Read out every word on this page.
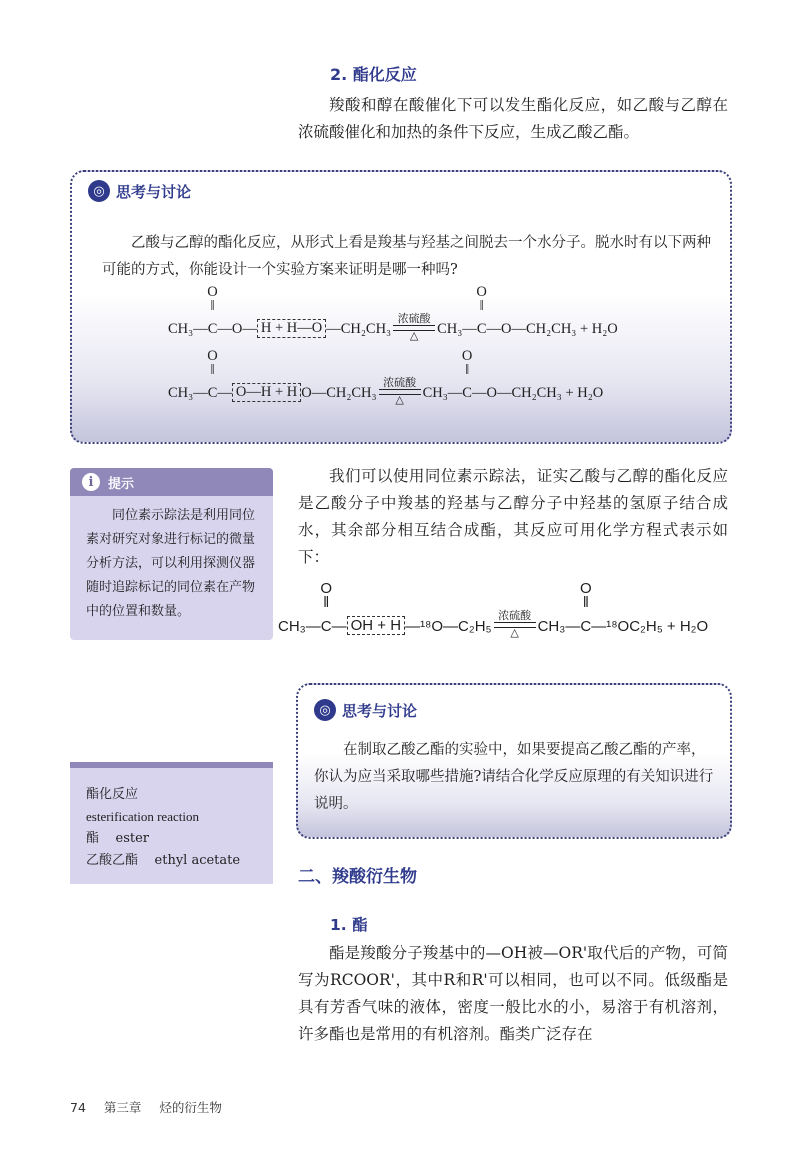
2. 酯化反应

羧酸和醇在酸催化下可以发生酯化反应，如乙酸与乙醇在浓硫酸催化和加热的条件下反应，生成乙酸乙酯。

◎ 思考与讨论

乙酸与乙醇的酯化反应，从形式上看是羧基与羟基之间脱去一个水分子。脱水时有以下两种可能的方式，你能设计一个实验方案来证明是哪一种吗?

CH₃—
O
‖
C —O— H + H—O —CH₂CH₃
浓硫酸
△ CH₃—
O
‖
C —O—CH₂CH₃ + H₂O
CH₃—
O
‖
C — O—H + H O—CH₂CH₃
浓硫酸
△ CH₃—
O
‖
C —O—CH₂CH₃ + H₂O
i	提示

同位素示踪法是利用同位素对研究对象进行标记的微量分析方法，可以利用探测仪器随时追踪标记的同位素在产物中的位置和数量。

我们可以使用同位素示踪法，证实乙酸与乙醇的酯化反应是乙酸分子中羧基的羟基与乙醇分子中羟基的氢原子结合成水，其余部分相互结合成酯，其反应可用化学方程式表示如下：

CH₃—
O
‖
C — OH + H — ¹⁸O—C₂H₅
浓硫酸
△ CH₃—
O
‖
C —¹⁸OC₂H₅ + H₂O
◎ 思考与讨论

在制取乙酸乙酯的实验中，如果要提高乙酸乙酯的产率，你认为应当采取哪些措施?请结合化学反应原理的有关知识进行说明。

酯化反应
esterification reaction
酯    ester
乙酸乙酯    ethyl acetate
二、羧酸衍生物
1. 酯

酯是羧酸分子羧基中的—OH被—OR'取代后的产物，可简写为RCOOR'，其中R和R'可以相同，也可以不同。低级酯是具有芳香气味的液体，密度一般比水的小，易溶于有机溶剂，许多酯也是常用的有机溶剂。酯类广泛存在

74 第三章 烃的衍生物
